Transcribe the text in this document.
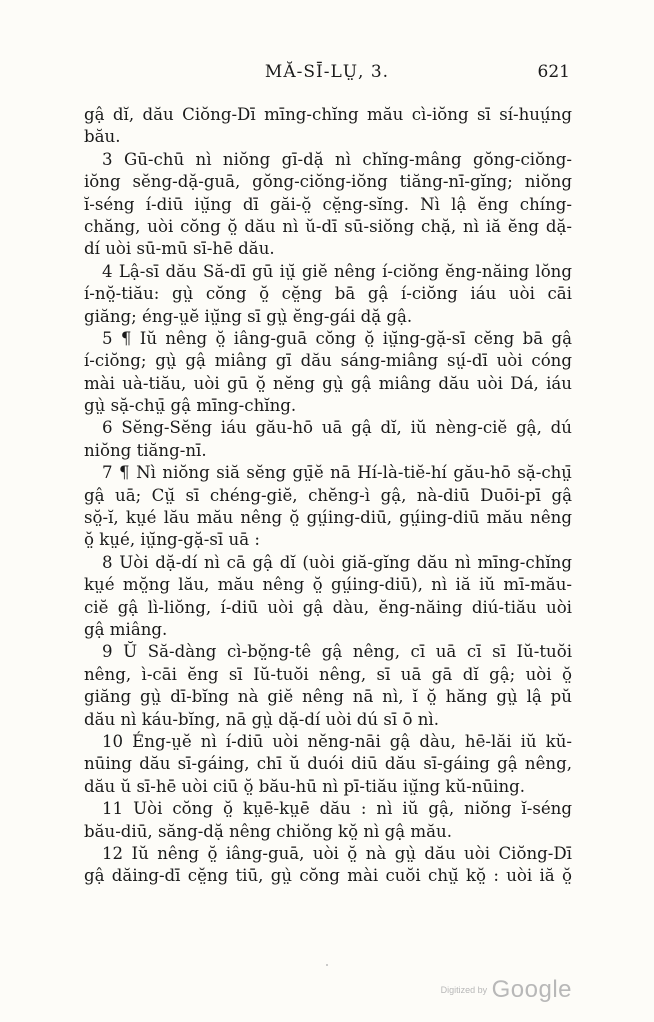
MĂ-SĪ-LṲ, 3.	621
gậ dĭ, dău Ciŏng-Dī mīng-chĭng mău cì-iŏng sī sí-huṳ́ng
bău.
3 Gū-chū nì niŏng gī-dặ nì chĭng-mâng gŏng-ciŏng-
iŏng sĕng-dặ-guā, gŏng-ciŏng-iŏng tiăng-nī-gĭng; niŏng
ĭ-séng í-diū iṳ̆ng dī găi-ŏ̤ cĕ̤ng-sĭng. Nì lậ ĕng chíng-
chăng, uòi cŏng ŏ̤ dău nì ŭ-dī sū-siŏng chặ, nì iă ĕng dặ-
dí uòi sū-mū sī-hē dău.
4 Lậ-sī dău Să-dī gū iṳ̆ giĕ nêng í-ciŏng ĕng-năing lŏng
í-nŏ̤-tiău: gṳ̀ cŏng ŏ̤ cĕ̤ng bā gậ í-ciŏng iáu uòi cāi
giăng; éng-ṳĕ iṳ̆ng sī gṳ̀ ĕng-gái dặ gậ.
5 ¶ Iŭ nêng ŏ̤ iâng-guā cŏng ŏ̤ iṳ̆ng-gặ-sī cĕng bā gậ
í-ciŏng; gṳ̀ gậ miâng gī dău sáng-miâng sṳ́-dī uòi cóng
mài uà-tiău, uòi gū ŏ̤ nĕng gṳ̀ gậ miâng dău uòi Dá, iáu
gṳ̀ sặ-chṳ̄ gậ mīng-chĭng.
6 Sĕng-Sĕng iáu gău-hō uā gậ dĭ, iŭ nèng-ciĕ gậ, dú
niŏng tiăng-nī.
7 ¶ Nì niŏng siă sĕng gṳ̄ĕ nā Hí-là-tiĕ-hí gău-hō sặ-chṳ̄
gậ uā; Cṳ̆ sī chéng-giĕ, chĕng-ì gậ, nà-diū Duōi-pī gậ
sŏ̤-ĭ, kṳé lău mău nêng ŏ̤ gṳ́ing-diū, gṳ́ing-diū mău nêng
ŏ̤ kṳé, iṳ̆ng-gặ-sī uā :
8 Uòi dặ-dí nì cā gậ dĭ (uòi giă-gĭng dău nì mīng-chĭng
kṳé mŏ̤ng lău, mău nêng ŏ̤ gṳ́ing-diū), nì iă iŭ mī-mău-
ciĕ gậ lì-liŏng, í-diū uòi gậ dàu, ĕng-năing diú-tiău uòi
gậ miâng.
9 Ŭ Să-dàng cì-bŏ̤ng-tê gậ nêng, cī uā cī sī Iŭ-tuŏi
nêng, ì-cāi ĕng sī Iŭ-tuŏi nêng, sī uā gā dĭ gậ; uòi ŏ̤
giăng gṳ̀ dī-bĭng nà giĕ nêng nā nì, ĭ ŏ̤ hăng gṳ̀ lậ pŭ
dău nì káu-bĭng, nā gṳ̀ dặ-dí uòi dú sī ō nì.
10 Éng-ṳĕ nì í-diū uòi nĕng-nāi gậ dàu, hē-lăi iŭ kŭ-
nūing dău sī-gáing, chī ŭ duói diū dău sī-gáing gậ nêng,
dău ŭ sī-hē uòi ciū ŏ̤ bău-hū nì pī-tiău iṳ̆ng kŭ-nūing.
11 Uòi cŏng ŏ̤ kṳē-kṳē dău : nì iŭ gậ, niŏng ĭ-séng
bău-diū, săng-dặ nêng chiŏng kŏ̤ nì gậ mău.
12 Iŭ nêng ŏ̤ iâng-guā, uòi ŏ̤ nà gṳ̀ dău uòi Ciŏng-Dī
gậ dăing-dī cĕ̤ng tiū, gṳ̀ cŏng mài cuŏi chṳ̆ kŏ̤ : uòi iă ŏ̤
Digitized by Google
